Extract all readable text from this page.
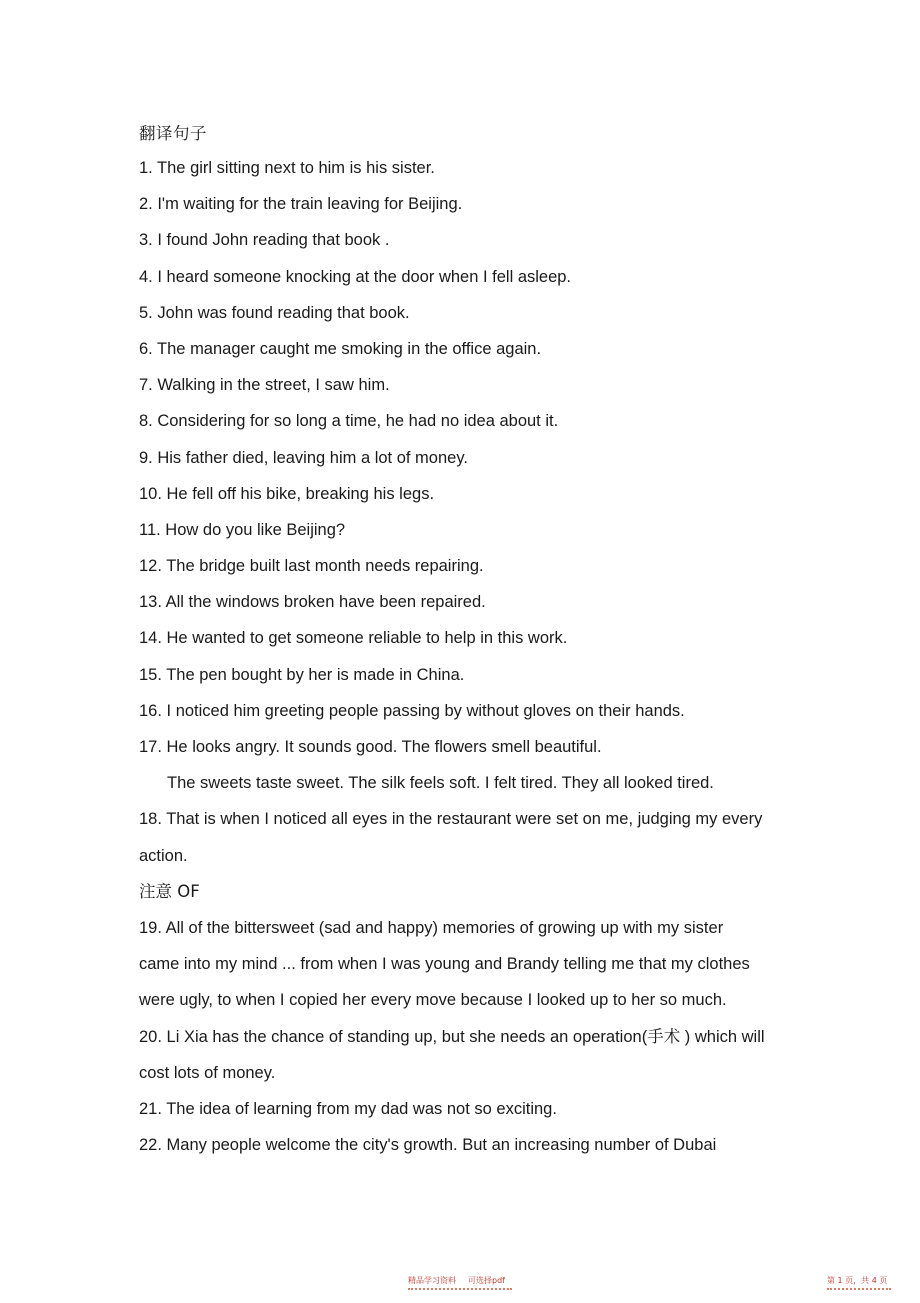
翻译句子
1. The girl sitting next to him is his sister.
2. I'm waiting for the train leaving for Beijing.
3. I found John reading that book .
4. I heard someone knocking at the door when I fell asleep.
5. John was found reading that book.
6. The manager caught me smoking in the office again.
7. Walking in the street, I saw him.
8. Considering for so long a time, he had no idea about it.
9. His father died, leaving him a lot of money.
10. He fell off his bike, breaking his legs.
11. How do you like Beijing?
12. The bridge built last month needs repairing.
13. All the windows broken have been repaired.
14. He wanted to get someone reliable to help in this work.
15. The pen bought by her is made in China.
16. I noticed him greeting people passing by without gloves on their hands.
17. He looks angry. It sounds good. The flowers smell beautiful.
The sweets taste sweet. The silk feels soft. I felt tired. They all looked tired.
18. That is when I noticed all eyes in the restaurant were set on me, judging my every
action.
注意 OF
19. All of the bittersweet (sad and happy) memories of growing up with my sister
came into my mind ... from when I was young and Brandy telling me that my clothes
were ugly, to when I copied her every move because I looked up to her so much.
20. Li Xia has the chance of standing up, but she needs an operation(手术 ) which will
cost lots of money.
21. The idea of learning from my dad was not so exciting.
22. Many people welcome the city's growth. But an increasing number of Dubai
精品学习资料 可选择pdf	第 1 页，共 4 页
